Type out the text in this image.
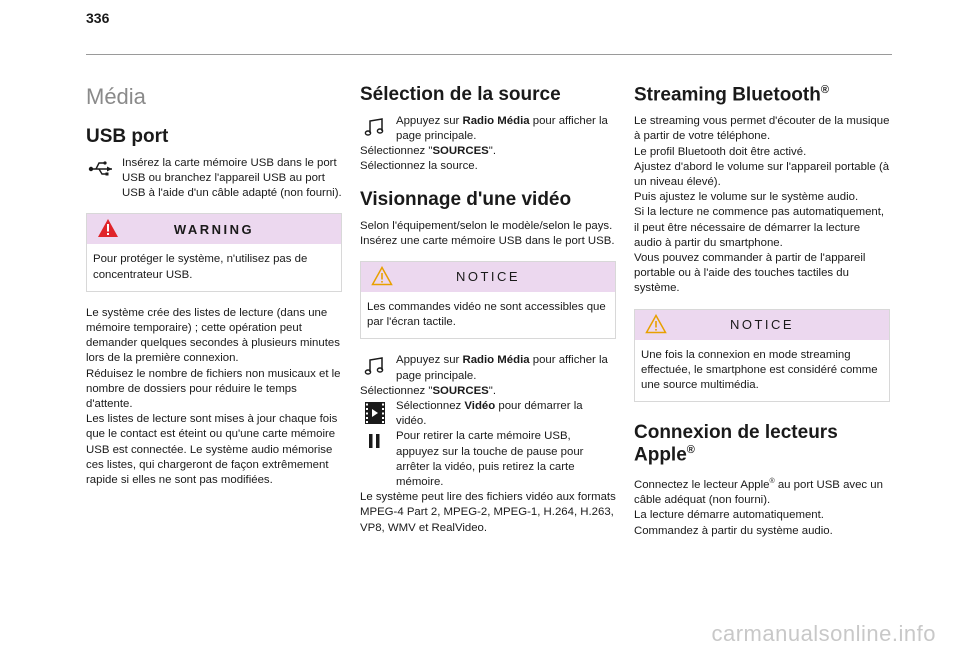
336
Média
USB port

Insérez la carte mémoire USB dans le port USB ou branchez l'appareil USB au port USB à l'aide d'un câble adapté (non fourni).

WARNING

Pour protéger le système, n'utilisez pas de concentrateur USB.

Le système crée des listes de lecture (dans une mémoire temporaire) ; cette opération peut demander quelques secondes à plusieurs minutes lors de la première connexion.
Réduisez le nombre de fichiers non musicaux et le nombre de dossiers pour réduire le temps d'attente.
Les listes de lecture sont mises à jour chaque fois que le contact est éteint ou qu'une carte mémoire USB est connectée. Le système audio mémorise ces listes, qui chargeront de façon extrêmement rapide si elles ne sont pas modifiées.

Sélection de la source

Appuyez sur Radio Média pour afficher la page principale.

Sélectionnez "SOURCES".

Sélectionnez la source.

Visionnage d'une vidéo

Selon l'équipement/selon le modèle/selon le pays.
Insérez une carte mémoire USB dans le port USB.

NOTICE

Les commandes vidéo ne sont accessibles que par l'écran tactile.

Appuyez sur Radio Média pour afficher la page principale.

Sélectionnez "SOURCES".

Sélectionnez Vidéo pour démarrer la vidéo.

Pour retirer la carte mémoire USB, appuyez sur la touche de pause pour arrêter la vidéo, puis retirez la carte mémoire.

Le système peut lire des fichiers vidéo aux formats MPEG-4 Part 2, MPEG-2, MPEG-1, H.264, H.263, VP8, WMV et RealVideo.

Streaming Bluetooth®

Le streaming vous permet d'écouter de la musique à partir de votre téléphone.
Le profil Bluetooth doit être activé.
Ajustez d'abord le volume sur l'appareil portable (à un niveau élevé).
Puis ajustez le volume sur le système audio.
Si la lecture ne commence pas automatiquement, il peut être nécessaire de démarrer la lecture audio à partir du smartphone.
Vous pouvez commander à partir de l'appareil portable ou à l'aide des touches tactiles du système.

NOTICE

Une fois la connexion en mode streaming effectuée, le smartphone est considéré comme une source multimédia.

Connexion de lecteurs
Apple®

Connectez le lecteur Apple® au port USB avec un câble adéquat (non fourni).

La lecture démarre automatiquement.
Commandez à partir du système audio.

carmanualsonline.info
